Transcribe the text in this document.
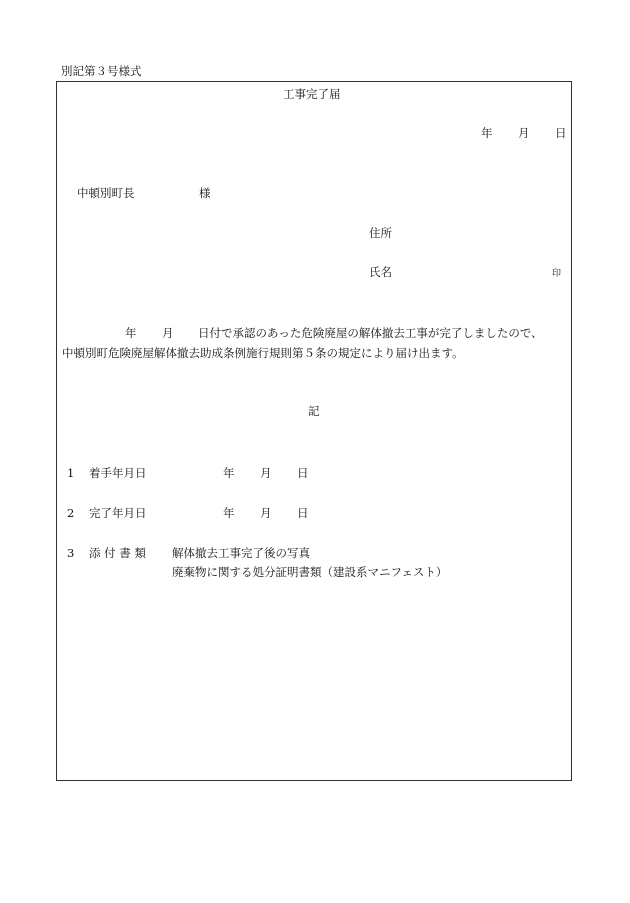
別記第３号様式
工事完了届
年 月 日
中頓別町長	様
住所
氏名	印
年 月 日付で承認のあった危険廃屋の解体撤去工事が完了しましたので、
中頓別町危険廃屋解体撤去助成条例施行規則第５条の規定により届け出ます。
記
1 着手年月日	年 月 日
2 完了年月日	年 月 日
3 添 付 書 類 解体撤去工事完了後の写真
廃棄物に関する処分証明書類（建設系マニフェスト）
